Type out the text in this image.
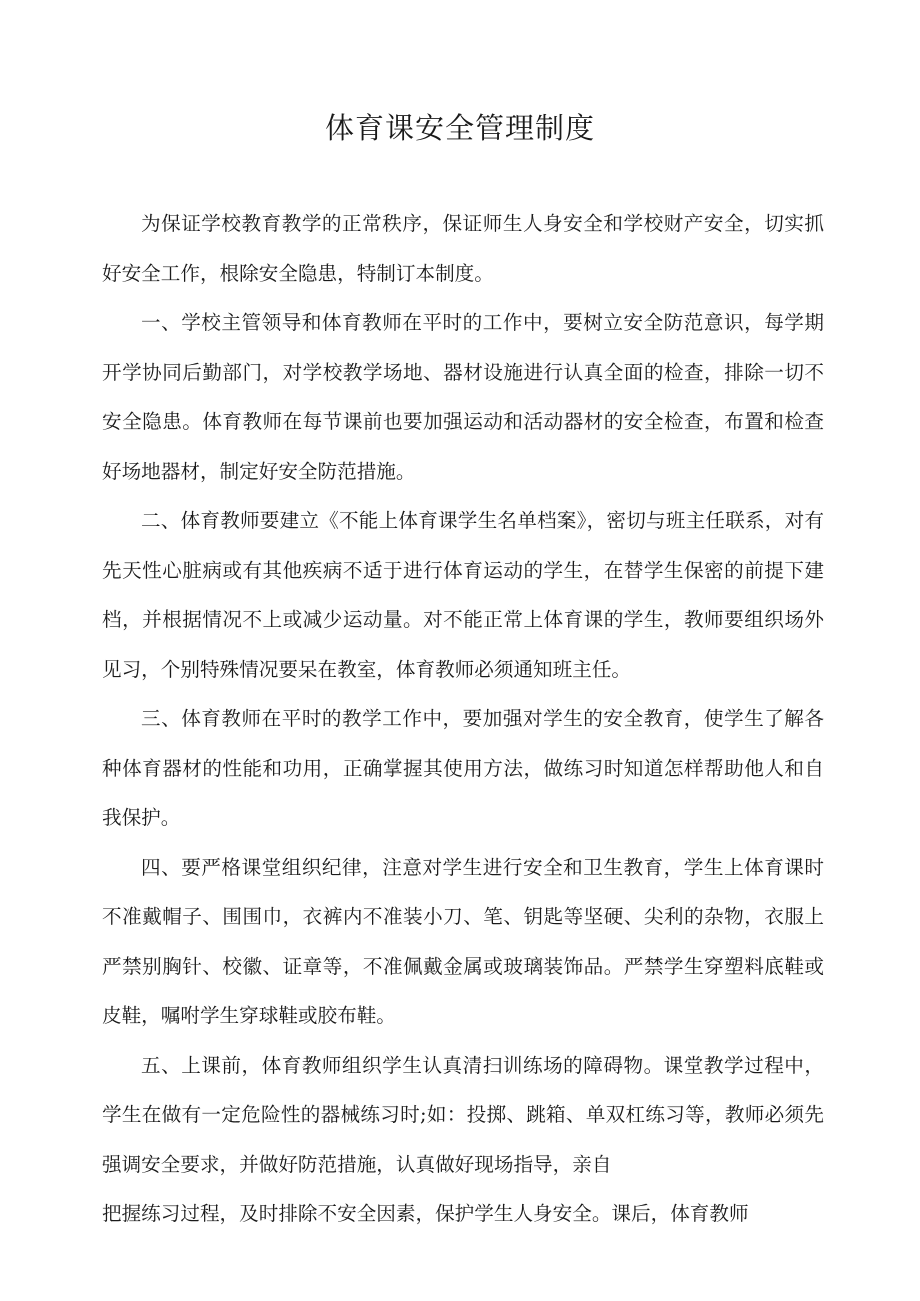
体育课安全管理制度

为保证学校教育教学的正常秩序，保证师生人身安全和学校财产安全，切实抓好安全工作，根除安全隐患，特制订本制度。

一、学校主管领导和体育教师在平时的工作中，要树立安全防范意识，每学期开学协同后勤部门，对学校教学场地、器材设施进行认真全面的检查，排除一切不安全隐患。体育教师在每节课前也要加强运动和活动器材的安全检查，布置和检查好场地器材，制定好安全防范措施。

二、体育教师要建立《不能上体育课学生名单档案》，密切与班主任联系，对有先天性心脏病或有其他疾病不适于进行体育运动的学生，在替学生保密的前提下建档，并根据情况不上或减少运动量。对不能正常上体育课的学生，教师要组织场外见习，个别特殊情况要呆在教室，体育教师必须通知班主任。

三、体育教师在平时的教学工作中，要加强对学生的安全教育，使学生了解各种体育器材的性能和功用，正确掌握其使用方法，做练习时知道怎样帮助他人和自我保护。

四、要严格课堂组织纪律，注意对学生进行安全和卫生教育，学生上体育课时不准戴帽子、围围巾，衣裤内不准装小刀、笔、钥匙等坚硬、尖利的杂物，衣服上严禁别胸针、校徽、证章等，不准佩戴金属或玻璃装饰品。严禁学生穿塑料底鞋或皮鞋，嘱咐学生穿球鞋或胶布鞋。

五、上课前，体育教师组织学生认真清扫训练场的障碍物。课堂教学过程中，学生在做有一定危险性的器械练习时;如：投掷、跳箱、单双杠练习等，教师必须先强调安全要求，并做好防范措施，认真做好现场指导，亲自

把握练习过程，及时排除不安全因素，保护学生人身安全。课后，体育教师
